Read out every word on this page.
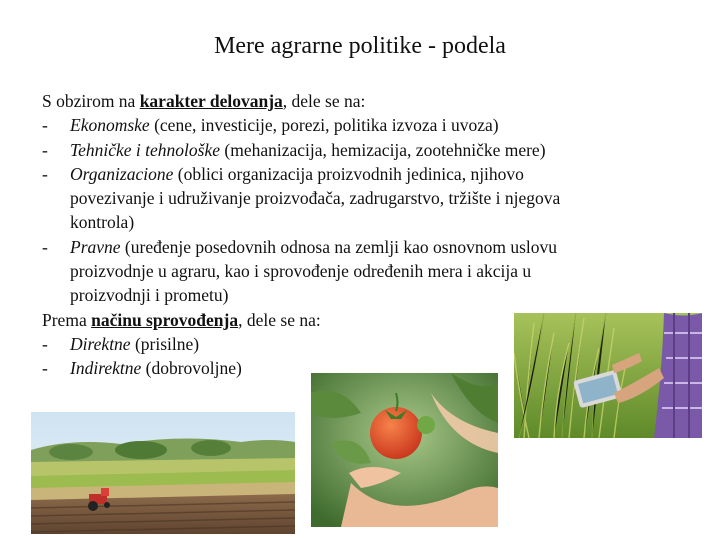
Mere agrarne politike - podela
S obzirom na karakter delovanja, dele se na:
-	Ekonomske (cene, investicije, porezi, politika izvoza i uvoza)
-	Tehničke i tehnološke (mehanizacija, hemizacija, zootehničke mere)
-	Organizacione (oblici organizacija proizvodnih jedinica, njihovo
povezivanje i udruživanje proizvođača, zadrugarstvo, tržište i njegova
kontrola)
-	Pravne (uređenje posedovnih odnosa na zemlji kao osnovnom uslovu
proizvodnje u agraru, kao i sprovođenje određenih mera i akcija u
proizvodnji i prometu)
Prema načinu sprovođenja, dele se na:
-	Direktne (prisilne)
-	Indirektne (dobrovoljne)
